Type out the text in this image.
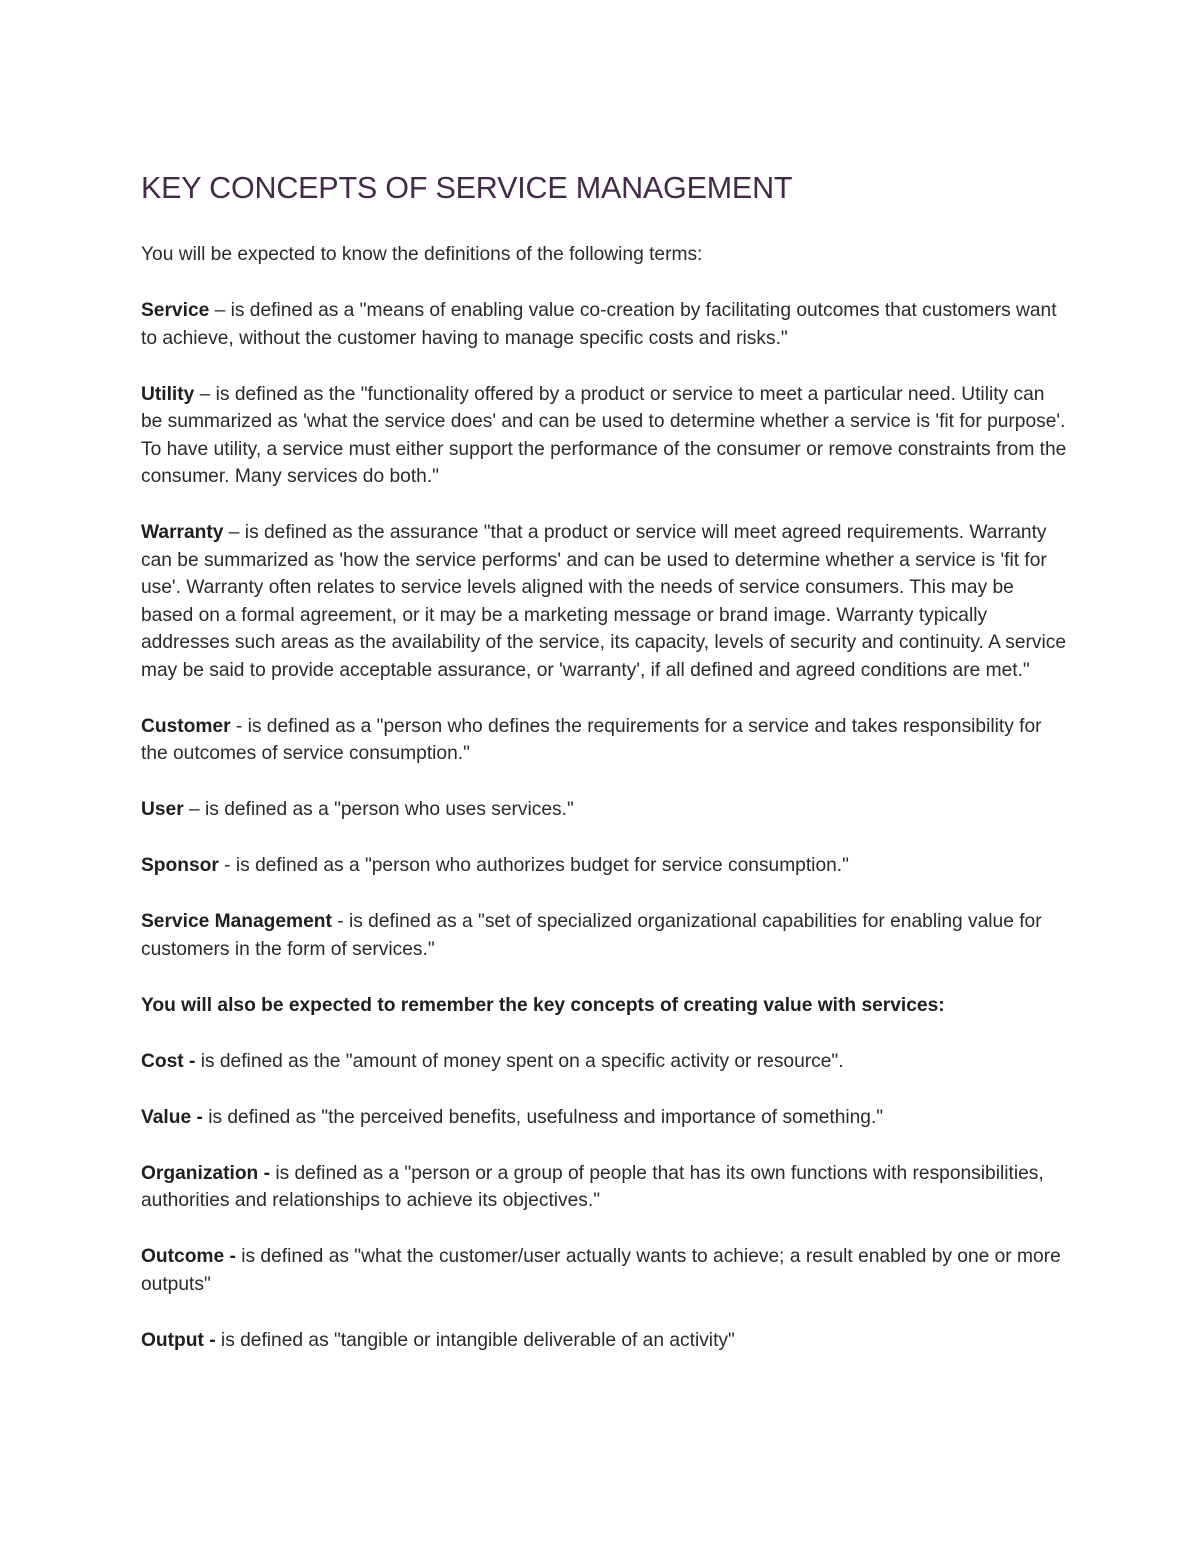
KEY CONCEPTS OF SERVICE MANAGEMENT

You will be expected to know the definitions of the following terms:

Service – is defined as a "means of enabling value co-creation by facilitating outcomes that customers want to achieve, without the customer having to manage specific costs and risks."

Utility – is defined as the "functionality offered by a product or service to meet a particular need. Utility can be summarized as 'what the service does' and can be used to determine whether a service is 'fit for purpose'. To have utility, a service must either support the performance of the consumer or remove constraints from the consumer. Many services do both."

Warranty – is defined as the assurance "that a product or service will meet agreed requirements. Warranty can be summarized as 'how the service performs' and can be used to determine whether a service is 'fit for use'. Warranty often relates to service levels aligned with the needs of service consumers. This may be based on a formal agreement, or it may be a marketing message or brand image. Warranty typically addresses such areas as the availability of the service, its capacity, levels of security and continuity. A service may be said to provide acceptable assurance, or 'warranty', if all defined and agreed conditions are met."

Customer - is defined as a "person who defines the requirements for a service and takes responsibility for the outcomes of service consumption."

User – is defined as a "person who uses services."

Sponsor - is defined as a "person who authorizes budget for service consumption."

Service Management - is defined as a "set of specialized organizational capabilities for enabling value for customers in the form of services."

You will also be expected to remember the key concepts of creating value with services:

Cost - is defined as the "amount of money spent on a specific activity or resource".

Value - is defined as "the perceived benefits, usefulness and importance of something."

Organization - is defined as a "person or a group of people that has its own functions with responsibilities, authorities and relationships to achieve its objectives."

Outcome - is defined as "what the customer/user actually wants to achieve; a result enabled by one or more outputs"

Output - is defined as "tangible or intangible deliverable of an activity"
